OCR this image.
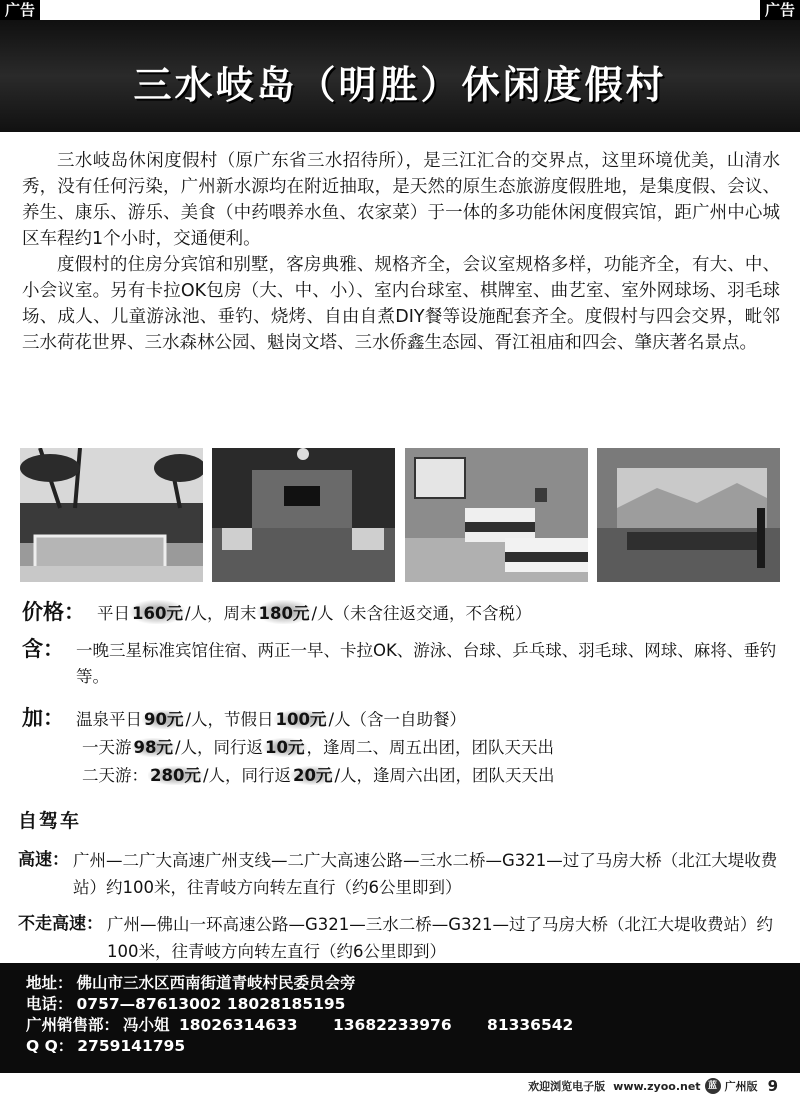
广告	广告
三水岐岛（明胜）休闲度假村

三水岐岛休闲度假村（原广东省三水招待所），是三江汇合的交界点，这里环境优美，山清水秀，没有任何污染，广州新水源均在附近抽取，是天然的原生态旅游度假胜地，是集度假、会议、养生、康乐、游乐、美食（中药喂养水鱼、农家菜）于一体的多功能休闲度假宾馆，距广州中心城区车程约1个小时，交通便利。

度假村的住房分宾馆和别墅，客房典雅、规格齐全，会议室规格多样，功能齐全，有大、中、小会议室。另有卡拉OK包房（大、中、小）、室内台球室、棋牌室、曲艺室、室外网球场、羽毛球场、成人、儿童游泳池、垂钓、烧烤、自由自煮DIY餐等设施配套齐全。度假村与四会交界，毗邻三水荷花世界、三水森林公园、魁岗文塔、三水侨鑫生态园、胥江祖庙和四会、肇庆著名景点。

价格： 平日 160元 /人，周末 180元 /人（未含往返交通，不含税）
含： 一晚三星标准宾馆住宿、两正一早、卡拉OK、游泳、台球、乒乓球、羽毛球、网球、麻将、垂钓等。
加： 温泉平日 90元 /人，节假日 100元 /人（含一自助餐）
一天游 98元 /人，同行返 10元 ，逢周二、周五出团，团队天天出
二天游： 280元 /人，同行返 20元 /人，逢周六出团，团队天天出
自驾车
高速： 广州—二广大高速广州支线—二广大高速公路—三水二桥—G321—过了马房大桥（北江大堤收费站）约100米，往青岐方向转左直行（约6公里即到）
不走高速： 广州—佛山一环高速公路—G321—三水二桥—G321—过了马房大桥（北江大堤收费站）约100米，往青岐方向转左直行（约6公里即到）
地址： 佛山市三水区西南街道青岐村民委员会旁
电话： 0757—87613002 18028185195
广州销售部： 冯小姐 18026314633 13682233976 81336542
Q Q： 2759141795
欢迎浏览电子版 www.zyoo.net 蓝 广州版 9
